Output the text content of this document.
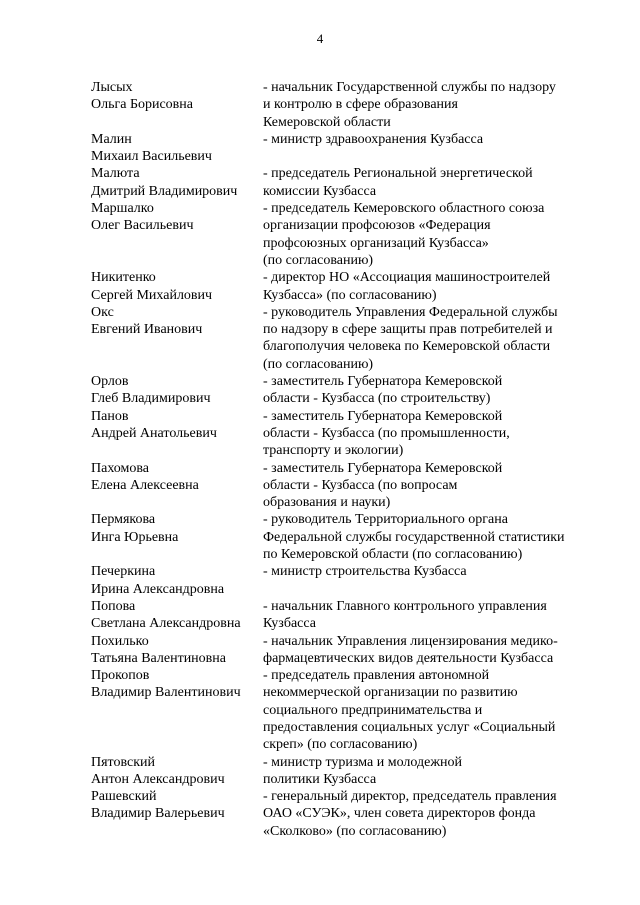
4
Лысых
Ольга Борисовна
- начальник Государственной службы по надзору
и контролю в сфере образования
Кемеровской области
Малин
Михаил Васильевич
- министр здравоохранения Кузбасса
Малюта
Дмитрий Владимирович
- председатель Региональной энергетической
комиссии Кузбасса
Маршалко
Олег Васильевич
- председатель Кемеровского областного союза
организации профсоюзов «Федерация
профсоюзных организаций Кузбасса»
(по согласованию)
Никитенко
Сергей Михайлович
- директор НО «Ассоциация машиностроителей
Кузбасса» (по согласованию)
Окс
Евгений Иванович
- руководитель Управления Федеральной службы
по надзору в сфере защиты прав потребителей и
благополучия человека по Кемеровской области
(по согласованию)
Орлов
Глеб Владимирович
- заместитель Губернатора Кемеровской
области - Кузбасса (по строительству)
Панов
Андрей Анатольевич
- заместитель Губернатора Кемеровской
области - Кузбасса (по промышленности,
транспорту и экологии)
Пахомова
Елена Алексеевна
- заместитель Губернатора Кемеровской
области - Кузбасса (по вопросам
образования и науки)
Пермякова
Инга Юрьевна
- руководитель Территориального органа
Федеральной службы государственной статистики
по Кемеровской области (по согласованию)
Печеркина
Ирина Александровна
- министр строительства Кузбасса
Попова
Светлана Александровна
- начальник Главного контрольного управления
Кузбасса
Похилько
Татьяна Валентиновна
- начальник Управления лицензирования медико-
фармацевтических видов деятельности Кузбасса
Прокопов
Владимир Валентинович
- председатель правления автономной
некоммерческой организации по развитию
социального предпринимательства и
предоставления социальных услуг «Социальный
скреп» (по согласованию)
Пятовский
Антон Александрович
- министр туризма и молодежной
политики Кузбасса
Рашевский
Владимир Валерьевич
- генеральный директор, председатель правления
ОАО «СУЭК», член совета директоров фонда
«Сколково» (по согласованию)
